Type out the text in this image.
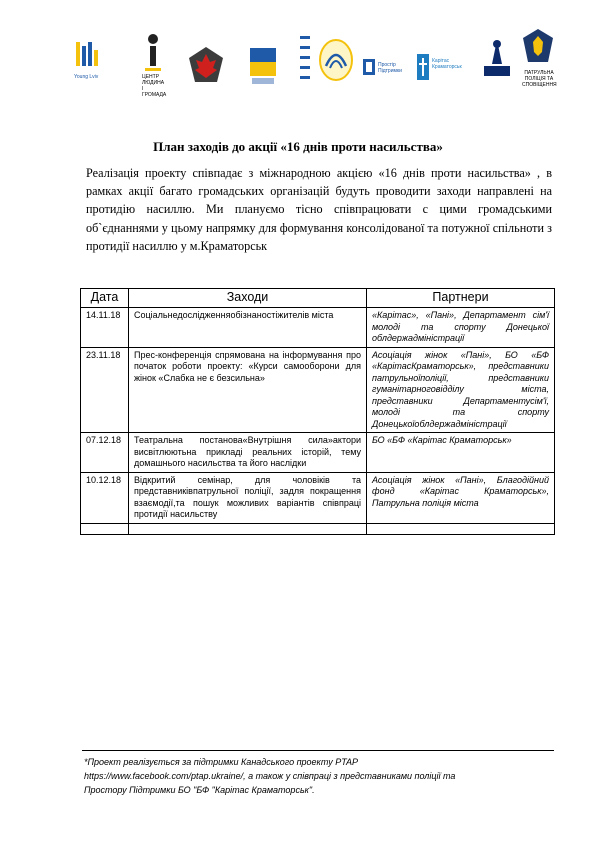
Young Lviv	ЦЕНТР ЛЮДИНА І ГРОМАДА
Простір Підтримки
Карітас Краматорськ
ПАТРУЛЬНА ПОЛІЦІЯ ТА СПОВІЩЕННЯ
План заходів до акції «16 днів проти насильства»
Реалізація проекту співпадає з міжнародною акцією «16 днів проти насильства» , в рамках акції багато громадських організацій будуть проводити заходи направлені на протидію насиллю. Ми плануємо тісно співпрацювати с цими громадськими об`єднаннями у цьому напрямку для формування консолідованої та потужної спільноти з протидії насиллю у м.Краматорськ
Дата	Заходи	Партнери
14.11.18	Соціальнедослідженняобізнаностіжителів міста	«Карітас», «Пані», Департамент сім'ї молоді та спорту Донецької облдержадміністрації
23.11.18	Прес-конференція спрямована на інформування про початок роботи проекту: «Курси самооборони для жінок «Слабка не є безсильна»	Асоціація жінок «Пані», БО «БФ «КарітасКраматорськ», представники патрульноїполіції, представники гуманітарноговідділу міста, представники Департаментусім'ї, молоді та спорту Донецькоїоблдержадміністрації
07.12.18	Театральна постанова«Внутрішня сила»актори висвітлюютьна прикладі реальних історій, тему домашнього насильства та його наслідки	БО «БФ «Карітас Краматорськ»
10.12.18	Відкритий семінар, для чоловіків та представниківпатрульної поліції, задля покращення взаємодії,та пошук можливих варіантів співпраці протидії насильству	Асоціація жінок «Пані», Благодійний фонд «Карітас Краматорськ», Патрульна поліція міста

*Проект реалізується за підтримки Канадського проекту PTAP
https://www.facebook.com/ptap.ukraine/, а також у співпраці з представниками поліції та
Простору Підтримки БО "БФ "Карітас Краматорськ".
